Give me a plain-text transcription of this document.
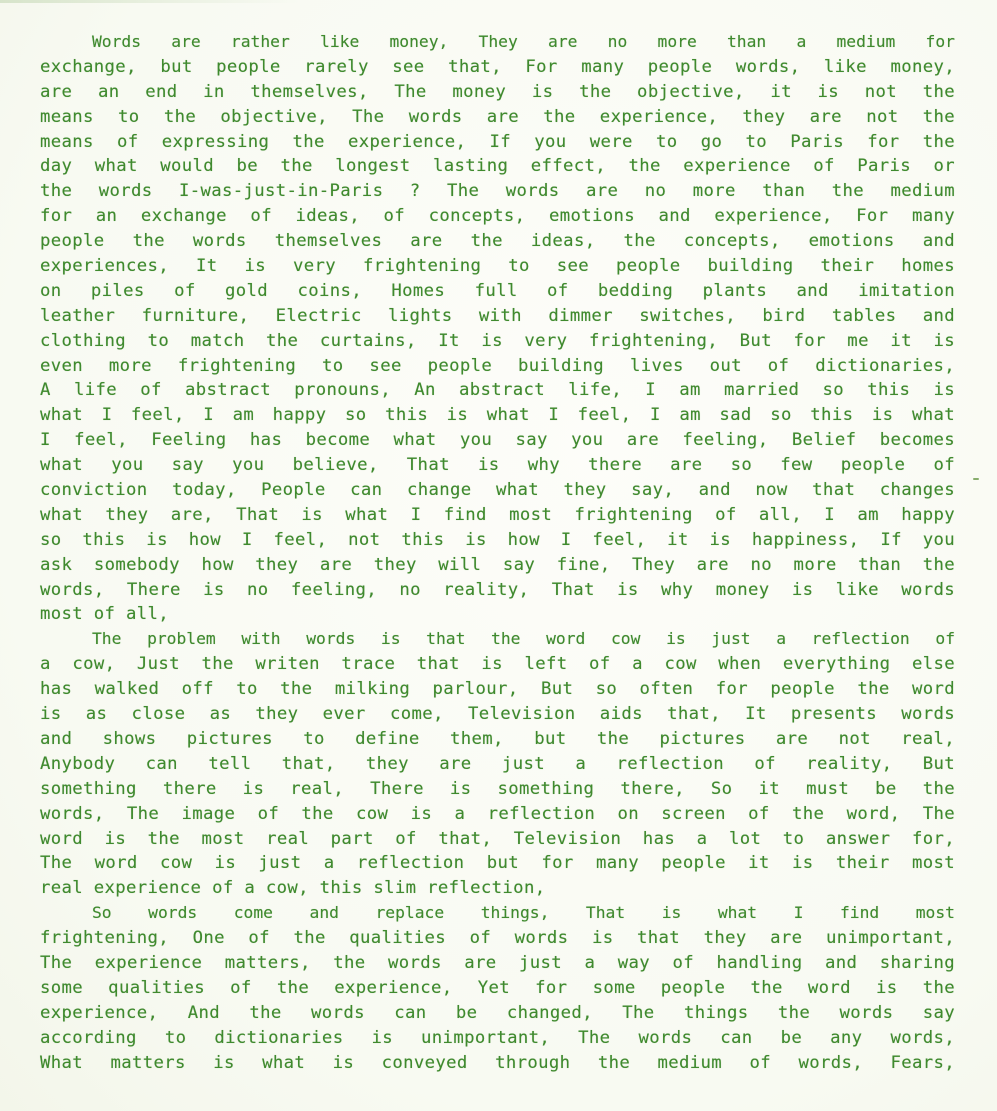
Words are rather like money, They are no more than a medium for
exchange, but people rarely see that, For many people words, like money,
are an end in themselves, The money is the objective, it is not the
means to the objective, The words are the experience, they are not the
means of expressing the experience, If you were to go to Paris for the
day what would be the longest lasting effect, the experience of Paris or
the words I-was-just-in-Paris ? The words are no more than the medium
for an exchange of ideas, of concepts, emotions and experience, For many
people the words themselves are the ideas, the concepts, emotions and
experiences, It is very frightening to see people building their homes
on piles of gold coins, Homes full of bedding plants and imitation
leather furniture, Electric lights with dimmer switches, bird tables and
clothing to match the curtains, It is very frightening, But for me it is
even more frightening to see people building lives out of dictionaries,
A life of abstract pronouns, An abstract life, I am married so this is
what I feel, I am happy so this is what I feel, I am sad so this is what
I feel, Feeling has become what you say you are feeling, Belief becomes
what you say you believe, That is why there are so few people of
conviction today, People can change what they say, and now that changes
what they are, That is what I find most frightening of all, I am happy
so this is how I feel, not this is how I feel, it is happiness, If you
ask somebody how they are they will say fine, They are no more than the
words, There is no feeling, no reality, That is why money is like words
most of all,
The problem with words is that the word cow is just a reflection of
a cow, Just the writen trace that is left of a cow when everything else
has walked off to the milking parlour, But so often for people the word
is as close as they ever come, Television aids that, It presents words
and shows pictures to define them, but the pictures are not real,
Anybody can tell that, they are just a reflection of reality, But
something there is real, There is something there, So it must be the
words, The image of the cow is a reflection on screen of the word, The
word is the most real part of that, Television has a lot to answer for,
The word cow is just a reflection but for many people it is their most
real experience of a cow, this slim reflection,
So words come and replace things, That is what I find most
frightening, One of the qualities of words is that they are unimportant,
The experience matters, the words are just a way of handling and sharing
some qualities of the experience, Yet for some people the word is the
experience, And the words can be changed, The things the words say
according to dictionaries is unimportant, The words can be any words,
What matters is what is conveyed through the medium of words, Fears,
